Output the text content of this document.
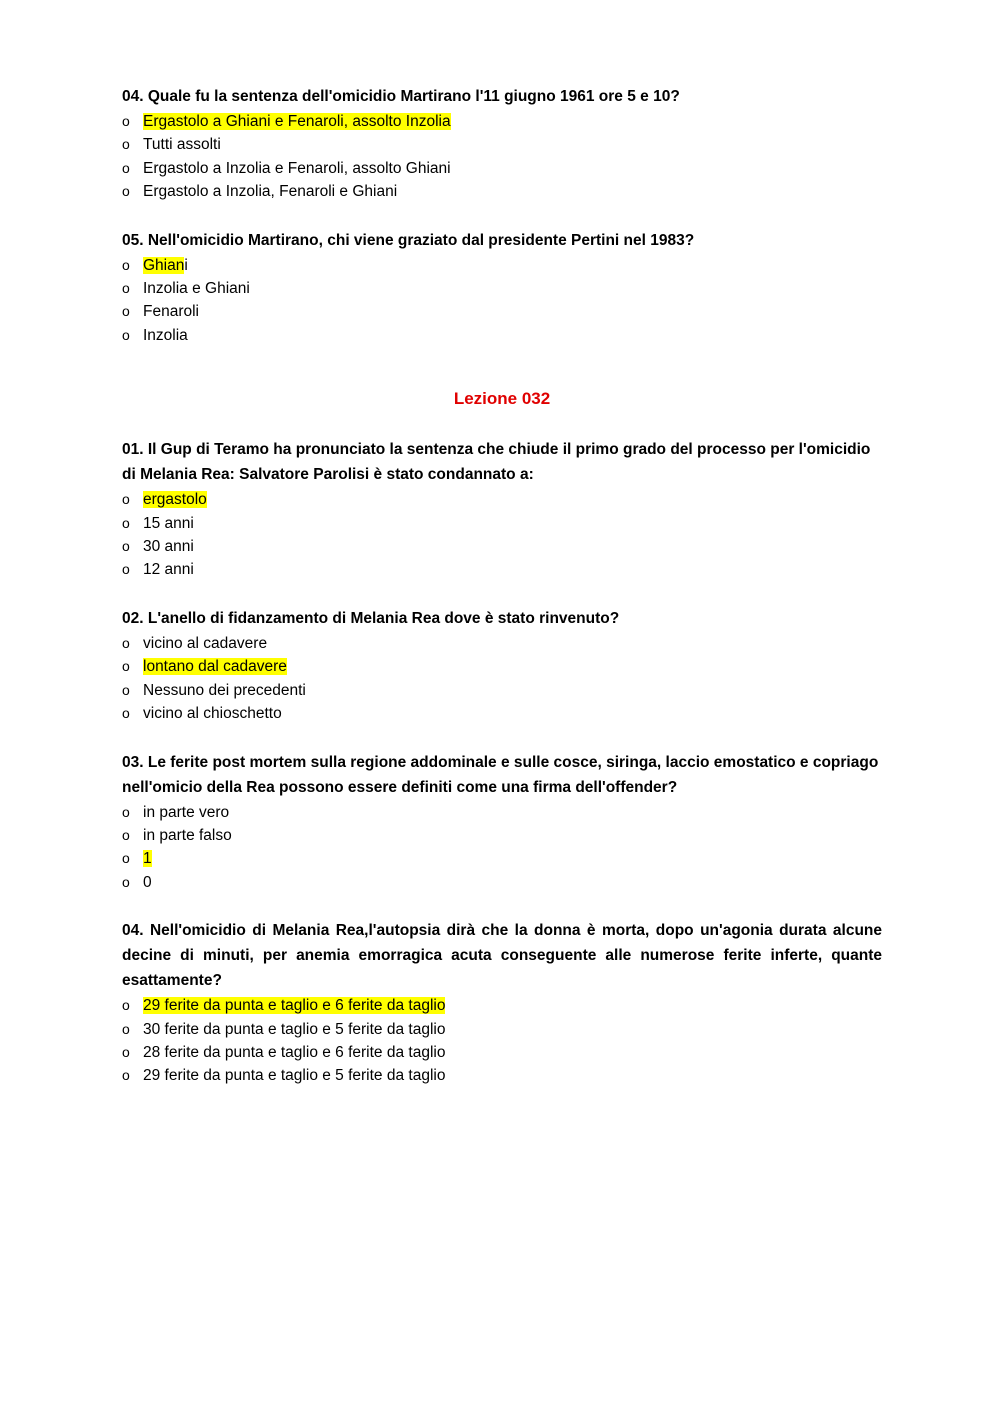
04. Quale fu la sentenza dell'omicidio Martirano l'11 giugno 1961 ore 5 e 10?
o Ergastolo a Ghiani e Fenaroli, assolto Inzolia
o Tutti assolti
o Ergastolo a Inzolia e Fenaroli, assolto Ghiani
o Ergastolo a Inzolia, Fenaroli e Ghiani
05. Nell'omicidio Martirano, chi viene graziato dal presidente Pertini nel 1983?
o Ghiani
o Inzolia e Ghiani
o Fenaroli
o Inzolia
Lezione 032
01. Il Gup di Teramo ha pronunciato la sentenza che chiude il primo grado del processo per l'omicidio di Melania Rea: Salvatore Parolisi è stato condannato a:
o ergastolo
o 15 anni
o 30 anni
o 12 anni
02. L'anello di fidanzamento di Melania Rea dove è stato rinvenuto?
o vicino al cadavere
o lontano dal cadavere
o Nessuno dei precedenti
o vicino al chioschetto
03. Le ferite post mortem sulla regione addominale e sulle cosce, siringa, laccio emostatico e copriago nell'omicio della Rea possono essere definiti come una firma dell'offender?
o in parte vero
o in parte falso
o 1
o 0
04. Nell'omicidio di Melania Rea,l'autopsia dirà che la donna è morta, dopo un'agonia durata alcune decine di minuti, per anemia emorragica acuta conseguente alle numerose ferite inferte, quante esattamente?
o 29 ferite da punta e taglio e 6 ferite da taglio
o 30 ferite da punta e taglio e 5 ferite da taglio
o 28 ferite da punta e taglio e 6 ferite da taglio
o 29 ferite da punta e taglio e 5 ferite da taglio
